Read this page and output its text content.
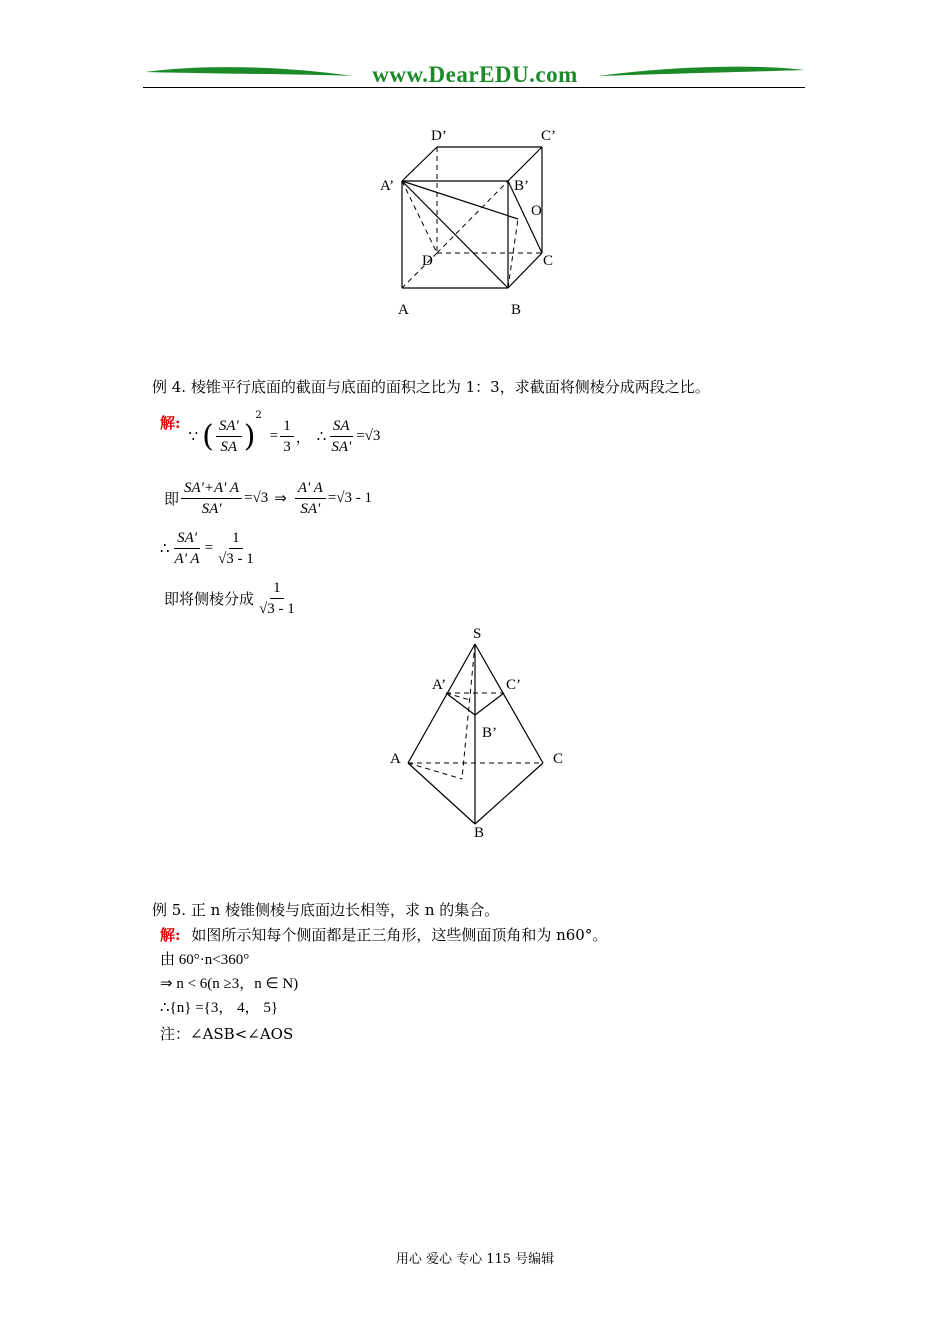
www.DearEDU.com
D’	C’
A’	B’
O
D	C
A	B
例 4. 棱锥平行底面的截面与底面的面积之比为 1：3，求截面将侧棱分成两段之比。
解:
∵ ( $\frac{SA'}{SA}$ )
2
= $\frac{1}{3}$ ， ∴ $\frac{SA}{SA'} = √3$
即 $\frac{SA'+A' A}{SA'} = √3$ ⇒ $\frac{A' A}{SA'} = √3 - 1$
∴ $\frac{SA'}{A' A} = \frac{1}{√3 - 1}$
即将侧棱分成 $\frac{1}{√3 - 1}$
S
A’	C’
B’
A	C
B
例 5. 正 n 棱锥侧棱与底面边长相等，求 n 的集合。
解: 如图所示知每个侧面都是正三角形，这些侧面顶角和为 n60°。
由 60°·n<360°
⇒ n < 6(n ≥3，n ∈ N)
∴{n} ={3， 4， 5}
注：∠ASB<∠AOS
用心 爱心 专心 115 号编辑
